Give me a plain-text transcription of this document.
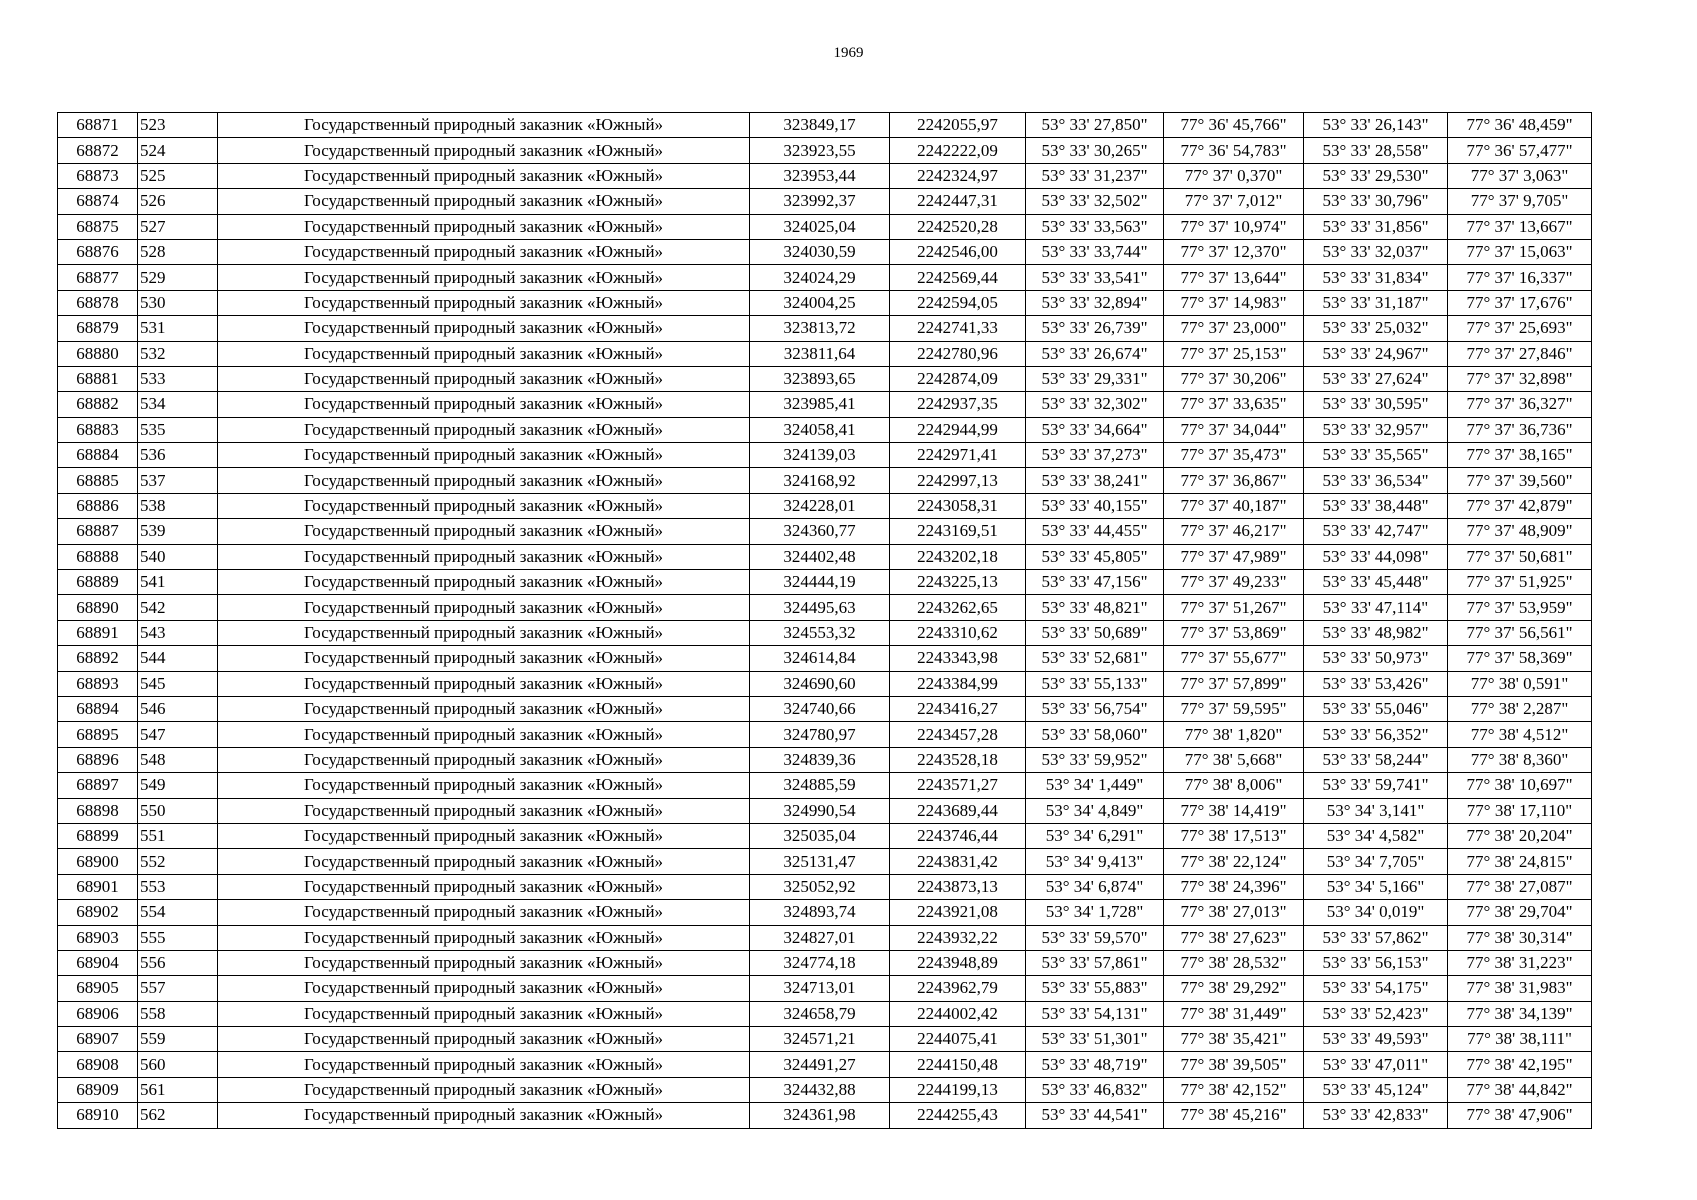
1969
68871	523	Государственный природный заказник «Южный»	323849,17	2242055,97	53° 33' 27,850"	77° 36' 45,766"	53° 33' 26,143"	77° 36' 48,459"
68872	524	Государственный природный заказник «Южный»	323923,55	2242222,09	53° 33' 30,265"	77° 36' 54,783"	53° 33' 28,558"	77° 36' 57,477"
68873	525	Государственный природный заказник «Южный»	323953,44	2242324,97	53° 33' 31,237"	77° 37' 0,370"	53° 33' 29,530"	77° 37' 3,063"
68874	526	Государственный природный заказник «Южный»	323992,37	2242447,31	53° 33' 32,502"	77° 37' 7,012"	53° 33' 30,796"	77° 37' 9,705"
68875	527	Государственный природный заказник «Южный»	324025,04	2242520,28	53° 33' 33,563"	77° 37' 10,974"	53° 33' 31,856"	77° 37' 13,667"
68876	528	Государственный природный заказник «Южный»	324030,59	2242546,00	53° 33' 33,744"	77° 37' 12,370"	53° 33' 32,037"	77° 37' 15,063"
68877	529	Государственный природный заказник «Южный»	324024,29	2242569,44	53° 33' 33,541"	77° 37' 13,644"	53° 33' 31,834"	77° 37' 16,337"
68878	530	Государственный природный заказник «Южный»	324004,25	2242594,05	53° 33' 32,894"	77° 37' 14,983"	53° 33' 31,187"	77° 37' 17,676"
68879	531	Государственный природный заказник «Южный»	323813,72	2242741,33	53° 33' 26,739"	77° 37' 23,000"	53° 33' 25,032"	77° 37' 25,693"
68880	532	Государственный природный заказник «Южный»	323811,64	2242780,96	53° 33' 26,674"	77° 37' 25,153"	53° 33' 24,967"	77° 37' 27,846"
68881	533	Государственный природный заказник «Южный»	323893,65	2242874,09	53° 33' 29,331"	77° 37' 30,206"	53° 33' 27,624"	77° 37' 32,898"
68882	534	Государственный природный заказник «Южный»	323985,41	2242937,35	53° 33' 32,302"	77° 37' 33,635"	53° 33' 30,595"	77° 37' 36,327"
68883	535	Государственный природный заказник «Южный»	324058,41	2242944,99	53° 33' 34,664"	77° 37' 34,044"	53° 33' 32,957"	77° 37' 36,736"
68884	536	Государственный природный заказник «Южный»	324139,03	2242971,41	53° 33' 37,273"	77° 37' 35,473"	53° 33' 35,565"	77° 37' 38,165"
68885	537	Государственный природный заказник «Южный»	324168,92	2242997,13	53° 33' 38,241"	77° 37' 36,867"	53° 33' 36,534"	77° 37' 39,560"
68886	538	Государственный природный заказник «Южный»	324228,01	2243058,31	53° 33' 40,155"	77° 37' 40,187"	53° 33' 38,448"	77° 37' 42,879"
68887	539	Государственный природный заказник «Южный»	324360,77	2243169,51	53° 33' 44,455"	77° 37' 46,217"	53° 33' 42,747"	77° 37' 48,909"
68888	540	Государственный природный заказник «Южный»	324402,48	2243202,18	53° 33' 45,805"	77° 37' 47,989"	53° 33' 44,098"	77° 37' 50,681"
68889	541	Государственный природный заказник «Южный»	324444,19	2243225,13	53° 33' 47,156"	77° 37' 49,233"	53° 33' 45,448"	77° 37' 51,925"
68890	542	Государственный природный заказник «Южный»	324495,63	2243262,65	53° 33' 48,821"	77° 37' 51,267"	53° 33' 47,114"	77° 37' 53,959"
68891	543	Государственный природный заказник «Южный»	324553,32	2243310,62	53° 33' 50,689"	77° 37' 53,869"	53° 33' 48,982"	77° 37' 56,561"
68892	544	Государственный природный заказник «Южный»	324614,84	2243343,98	53° 33' 52,681"	77° 37' 55,677"	53° 33' 50,973"	77° 37' 58,369"
68893	545	Государственный природный заказник «Южный»	324690,60	2243384,99	53° 33' 55,133"	77° 37' 57,899"	53° 33' 53,426"	77° 38' 0,591"
68894	546	Государственный природный заказник «Южный»	324740,66	2243416,27	53° 33' 56,754"	77° 37' 59,595"	53° 33' 55,046"	77° 38' 2,287"
68895	547	Государственный природный заказник «Южный»	324780,97	2243457,28	53° 33' 58,060"	77° 38' 1,820"	53° 33' 56,352"	77° 38' 4,512"
68896	548	Государственный природный заказник «Южный»	324839,36	2243528,18	53° 33' 59,952"	77° 38' 5,668"	53° 33' 58,244"	77° 38' 8,360"
68897	549	Государственный природный заказник «Южный»	324885,59	2243571,27	53° 34' 1,449"	77° 38' 8,006"	53° 33' 59,741"	77° 38' 10,697"
68898	550	Государственный природный заказник «Южный»	324990,54	2243689,44	53° 34' 4,849"	77° 38' 14,419"	53° 34' 3,141"	77° 38' 17,110"
68899	551	Государственный природный заказник «Южный»	325035,04	2243746,44	53° 34' 6,291"	77° 38' 17,513"	53° 34' 4,582"	77° 38' 20,204"
68900	552	Государственный природный заказник «Южный»	325131,47	2243831,42	53° 34' 9,413"	77° 38' 22,124"	53° 34' 7,705"	77° 38' 24,815"
68901	553	Государственный природный заказник «Южный»	325052,92	2243873,13	53° 34' 6,874"	77° 38' 24,396"	53° 34' 5,166"	77° 38' 27,087"
68902	554	Государственный природный заказник «Южный»	324893,74	2243921,08	53° 34' 1,728"	77° 38' 27,013"	53° 34' 0,019"	77° 38' 29,704"
68903	555	Государственный природный заказник «Южный»	324827,01	2243932,22	53° 33' 59,570"	77° 38' 27,623"	53° 33' 57,862"	77° 38' 30,314"
68904	556	Государственный природный заказник «Южный»	324774,18	2243948,89	53° 33' 57,861"	77° 38' 28,532"	53° 33' 56,153"	77° 38' 31,223"
68905	557	Государственный природный заказник «Южный»	324713,01	2243962,79	53° 33' 55,883"	77° 38' 29,292"	53° 33' 54,175"	77° 38' 31,983"
68906	558	Государственный природный заказник «Южный»	324658,79	2244002,42	53° 33' 54,131"	77° 38' 31,449"	53° 33' 52,423"	77° 38' 34,139"
68907	559	Государственный природный заказник «Южный»	324571,21	2244075,41	53° 33' 51,301"	77° 38' 35,421"	53° 33' 49,593"	77° 38' 38,111"
68908	560	Государственный природный заказник «Южный»	324491,27	2244150,48	53° 33' 48,719"	77° 38' 39,505"	53° 33' 47,011"	77° 38' 42,195"
68909	561	Государственный природный заказник «Южный»	324432,88	2244199,13	53° 33' 46,832"	77° 38' 42,152"	53° 33' 45,124"	77° 38' 44,842"
68910	562	Государственный природный заказник «Южный»	324361,98	2244255,43	53° 33' 44,541"	77° 38' 45,216"	53° 33' 42,833"	77° 38' 47,906"
